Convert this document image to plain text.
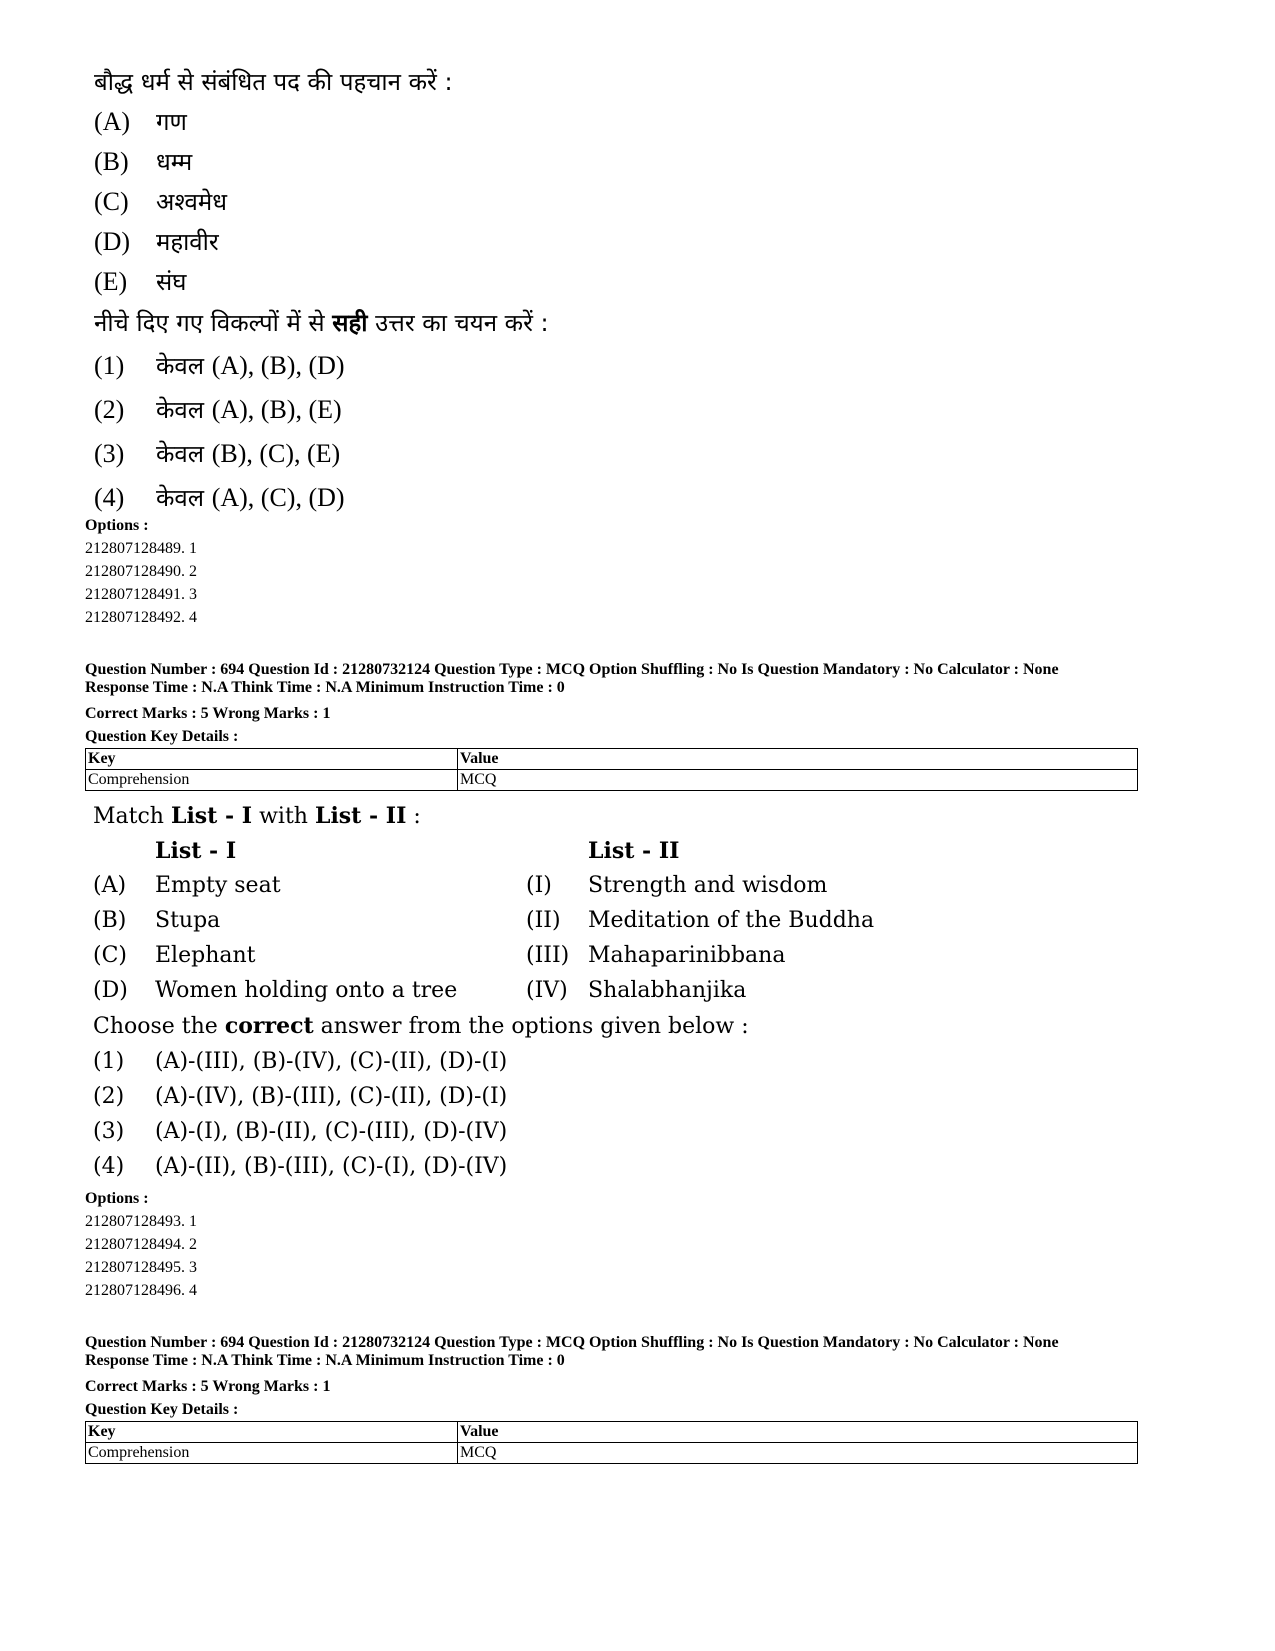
बौद्ध धर्म से संबंधित पद की पहचान करें :
(A)	गण
(B)	धम्म
(C)	अश्वमेध
(D)	महावीर
(E)	संघ
नीचे दिए गए विकल्पों में से सही उत्तर का चयन करें :
(1)	केवल (A), (B), (D)
(2)	केवल (A), (B), (E)
(3)	केवल (B), (C), (E)
(4)	केवल (A), (C), (D)
Options :
212807128489. 1
212807128490. 2
212807128491. 3
212807128492. 4
Question Number : 694 Question Id : 21280732124 Question Type : MCQ Option Shuffling : No Is Question Mandatory : No Calculator : None
Response Time : N.A Think Time : N.A Minimum Instruction Time : 0
Correct Marks : 5 Wrong Marks : 1
Question Key Details :
Key	Value
Comprehension	MCQ
Match List - I with List - II :
List - I	List - II
(A)	Empty seat	(I)	Strength and wisdom
(B)	Stupa	(II)	Meditation of the Buddha
(C)	Elephant	(III) Mahaparinibbana
(D)	Women holding onto a tree	(IV) Shalabhanjika
Choose the correct answer from the options given below :
(1)	(A)-(III), (B)-(IV), (C)-(II), (D)-(I)
(2)	(A)-(IV), (B)-(III), (C)-(II), (D)-(I)
(3)	(A)-(I), (B)-(II), (C)-(III), (D)-(IV)
(4)	(A)-(II), (B)-(III), (C)-(I), (D)-(IV)
Options :
212807128493. 1
212807128494. 2
212807128495. 3
212807128496. 4
Question Number : 694 Question Id : 21280732124 Question Type : MCQ Option Shuffling : No Is Question Mandatory : No Calculator : None
Response Time : N.A Think Time : N.A Minimum Instruction Time : 0
Correct Marks : 5 Wrong Marks : 1
Question Key Details :
Key	Value
Comprehension	MCQ
